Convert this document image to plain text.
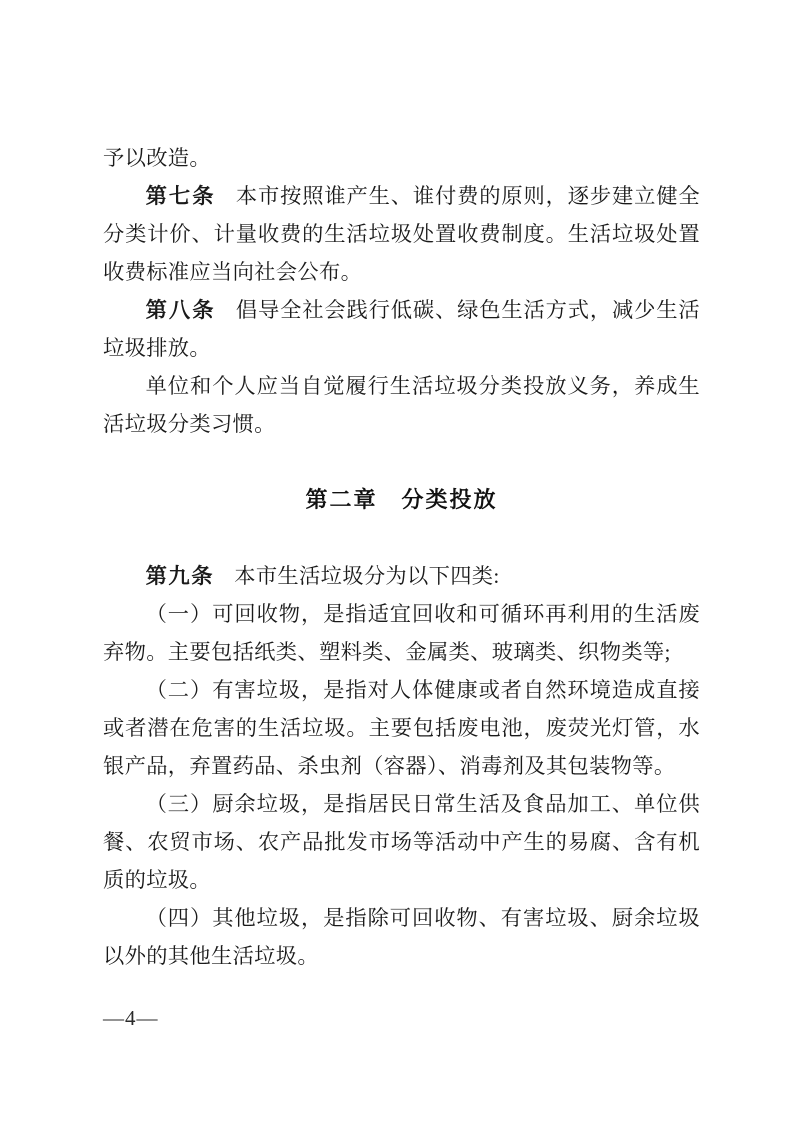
予以改造。

第七条 本市按照谁产生、谁付费的原则，逐步建立健全分类计价、计量收费的生活垃圾处置收费制度。生活垃圾处置收费标准应当向社会公布。

第八条 倡导全社会践行低碳、绿色生活方式，减少生活垃圾排放。

单位和个人应当自觉履行生活垃圾分类投放义务，养成生活垃圾分类习惯。

第二章　分类投放

第九条 本市生活垃圾分为以下四类:

（一）可回收物，是指适宜回收和可循环再利用的生活废弃物。主要包括纸类、塑料类、金属类、玻璃类、织物类等;

（二）有害垃圾，是指对人体健康或者自然环境造成直接或者潜在危害的生活垃圾。主要包括废电池，废荧光灯管，水银产品，弃置药品、杀虫剂（容器）、消毒剂及其包装物等。

（三）厨余垃圾，是指居民日常生活及食品加工、单位供餐、农贸市场、农产品批发市场等活动中产生的易腐、含有机质的垃圾。

（四）其他垃圾，是指除可回收物、有害垃圾、厨余垃圾以外的其他生活垃圾。

—4—
